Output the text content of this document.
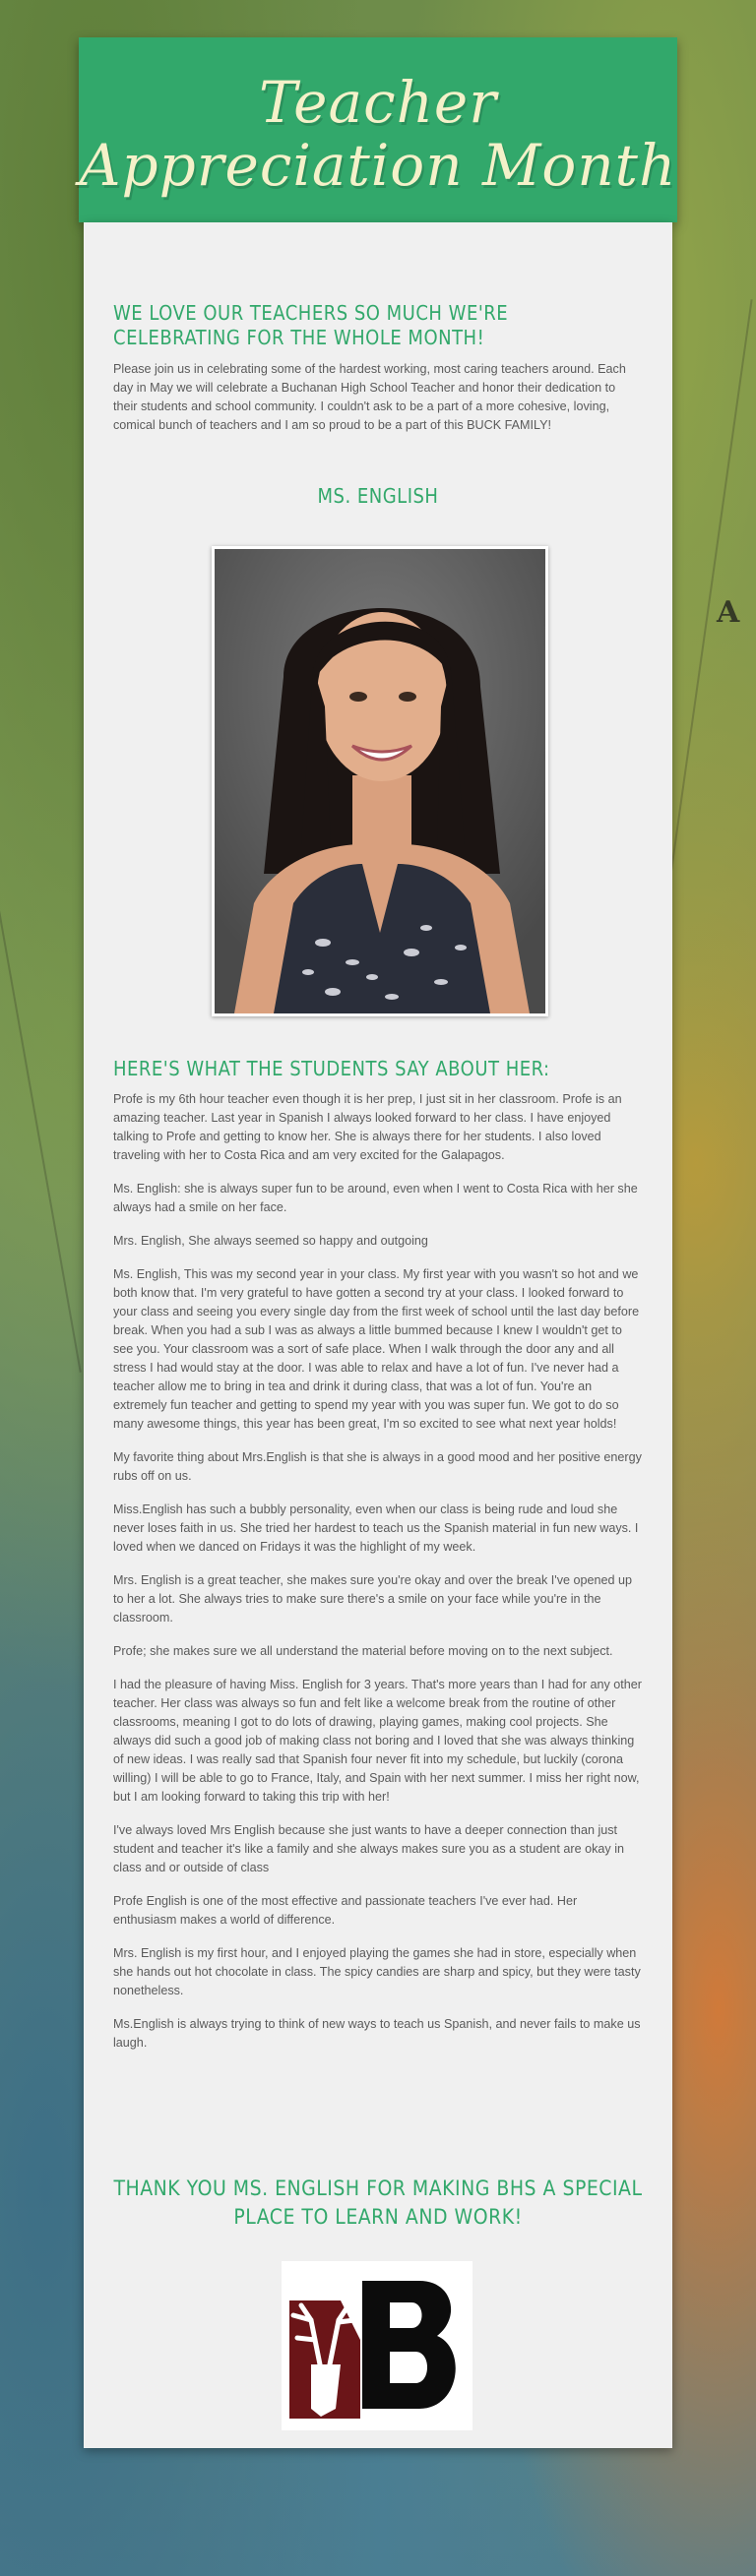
A
Teacher
Appreciation Month
WE LOVE OUR TEACHERS SO MUCH WE'RE CELEBRATING FOR THE WHOLE MONTH!
Please join us in celebrating some of the hardest working, most caring teachers around. Each day in May we will celebrate a Buchanan High School Teacher and honor their dedication to their students and school community. I couldn't ask to be a part of a more cohesive, loving, comical bunch of teachers and I am so proud to be a part of this BUCK FAMILY!
MS. ENGLISH
HERE'S WHAT THE STUDENTS SAY ABOUT HER:

Profe is my 6th hour teacher even though it is her prep, I just sit in her classroom. Profe is an amazing teacher. Last year in Spanish I always looked forward to her class. I have enjoyed talking to Profe and getting to know her. She is always there for her students. I also loved traveling with her to Costa Rica and am very excited for the Galapagos.

Ms. English: she is always super fun to be around, even when I went to Costa Rica with her she always had a smile on her face.

Mrs. English, She always seemed so happy and outgoing

Ms. English, This was my second year in your class. My first year with you wasn't so hot and we both know that. I'm very grateful to have gotten a second try at your class. I looked forward to your class and seeing you every single day from the first week of school until the last day before break. When you had a sub I was as always a little bummed because I knew I wouldn't get to see you. Your classroom was a sort of safe place. When I walk through the door any and all stress I had would stay at the door. I was able to relax and have a lot of fun. I've never had a teacher allow me to bring in tea and drink it during class, that was a lot of fun. You're an extremely fun teacher and getting to spend my year with you was super fun. We got to do so many awesome things, this year has been great, I'm so excited to see what next year holds!

My favorite thing about Mrs.English is that she is always in a good mood and her positive energy rubs off on us.

Miss.English has such a bubbly personality, even when our class is being rude and loud she never loses faith in us. She tried her hardest to teach us the Spanish material in fun new ways. I loved when we danced on Fridays it was the highlight of my week.

Mrs. English is a great teacher, she makes sure you're okay and over the break I've opened up to her a lot. She always tries to make sure there's a smile on your face while you're in the classroom.

Profe; she makes sure we all understand the material before moving on to the next subject.

I had the pleasure of having Miss. English for 3 years. That's more years than I had for any other teacher. Her class was always so fun and felt like a welcome break from the routine of other classrooms, meaning I got to do lots of drawing, playing games, making cool projects. She always did such a good job of making class not boring and I loved that she was always thinking of new ideas. I was really sad that Spanish four never fit into my schedule, but luckily (corona willing) I will be able to go to France, Italy, and Spain with her next summer. I miss her right now, but I am looking forward to taking this trip with her!

I've always loved Mrs English because she just wants to have a deeper connection than just student and teacher it's like a family and she always makes sure you as a student are okay in class and or outside of class

Profe English is one of the most effective and passionate teachers I've ever had. Her enthusiasm makes a world of difference.

Mrs. English is my first hour, and I enjoyed playing the games she had in store, especially when she hands out hot chocolate in class. The spicy candies are sharp and spicy, but they were tasty nonetheless.

Ms.English is always trying to think of new ways to teach us Spanish, and never fails to make us laugh.

THANK YOU MS. ENGLISH FOR MAKING BHS A SPECIAL PLACE TO LEARN AND WORK!
